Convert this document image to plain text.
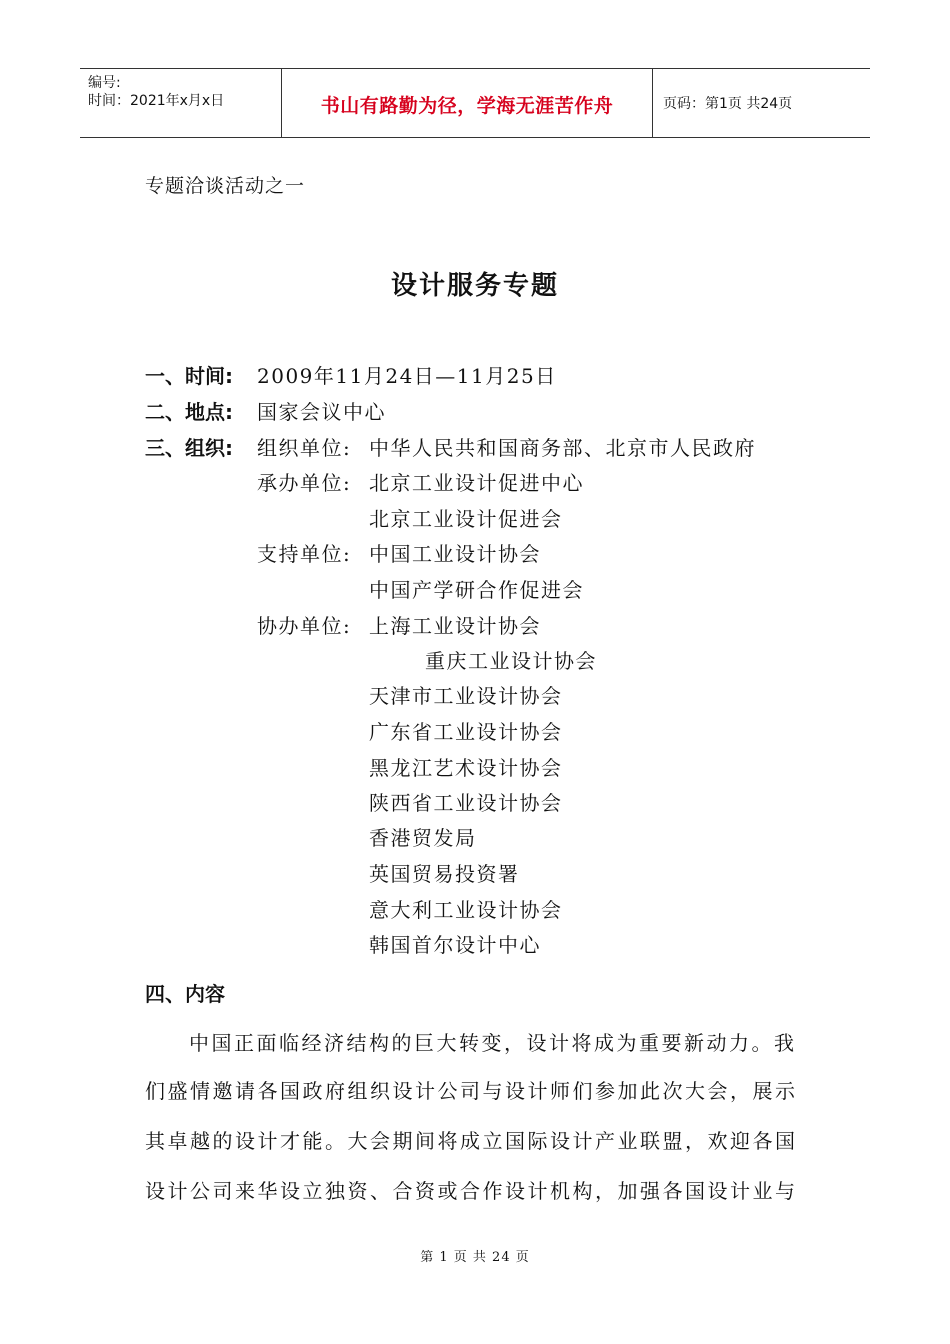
编号:
时间：2021年x月x日	书山有路勤为径，学海无涯苦作舟	页码：第1页 共24页
专题洽谈活动之一
设计服务专题
一、时间: 2009年11月24日—11月25日
二、地点: 国家会议中心
三、组织: 组织单位: 中华人民共和国商务部、北京市人民政府
承办单位: 北京工业设计促进中心
北京工业设计促进会
支持单位: 中国工业设计协会
中国产学研合作促进会
协办单位: 上海工业设计协会
重庆工业设计协会
天津市工业设计协会
广东省工业设计协会
黑龙江艺术设计协会
陕西省工业设计协会
香港贸发局
英国贸易投资署
意大利工业设计协会
韩国首尔设计中心
四、内容
中国正面临经济结构的巨大转变，设计将成为重要新动力。我
们盛情邀请各国政府组织设计公司与设计师们参加此次大会，展示
其卓越的设计才能。大会期间将成立国际设计产业联盟，欢迎各国
设计公司来华设立独资、合资或合作设计机构，加强各国设计业与
第 1 页 共 24 页
